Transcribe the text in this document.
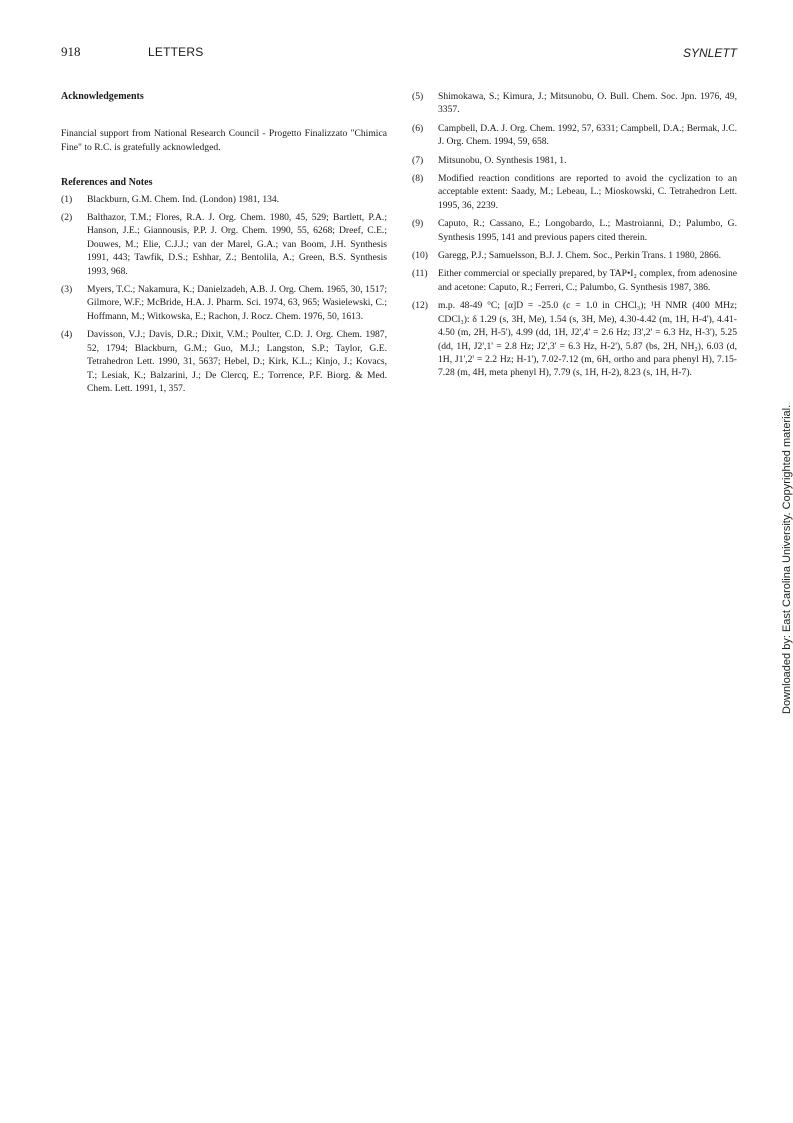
918	LETTERS	SYNLETT
Acknowledgements

Financial support from National Research Council - Progetto Finalizzato "Chimica Fine" to R.C. is gratefully acknowledged.

References and Notes
(1)	Blackburn, G.M. Chem. Ind. (London) 1981, 134.
(2)	Balthazor, T.M.; Flores, R.A. J. Org. Chem. 1980, 45, 529; Bartlett, P.A.; Hanson, J.E.; Giannousis, P.P. J. Org. Chem. 1990, 55, 6268; Dreef, C.E.; Douwes, M.; Elie, C.J.J.; van der Marel, G.A.; van Boom, J.H. Synthesis 1991, 443; Tawfik, D.S.; Eshhar, Z.; Bentolila, A.; Green, B.S. Synthesis 1993, 968.
(3)	Myers, T.C.; Nakamura, K.; Danielzadeh, A.B. J. Org. Chem. 1965, 30, 1517; Gilmore, W.F.; McBride, H.A. J. Pharm. Sci. 1974, 63, 965; Wasielewski, C.; Hoffmann, M.; Witkowska, E.; Rachon, J. Rocz. Chem. 1976, 50, 1613.
(4)	Davisson, V.J.; Davis, D.R.; Dixit, V.M.; Poulter, C.D. J. Org. Chem. 1987, 52, 1794; Blackburn, G.M.; Guo, M.J.; Langston, S.P.; Taylor, G.E. Tetrahedron Lett. 1990, 31, 5637; Hebel, D.; Kirk, K.L.; Kinjo, J.; Kovacs, T.; Lesiak, K.; Balzarini, J.; De Clercq, E.; Torrence, P.F. Biorg. & Med. Chem. Lett. 1991, 1, 357.
(5)	Shimokawa, S.; Kimura, J.; Mitsunobu, O. Bull. Chem. Soc. Jpn. 1976, 49, 3357.
(6)	Campbell, D.A. J. Org. Chem. 1992, 57, 6331; Campbell, D.A.; Bermak, J.C. J. Org. Chem. 1994, 59, 658.
(7)	Mitsunobu, O. Synthesis 1981, 1.
(8)	Modified reaction conditions are reported to avoid the cyclization to an acceptable extent: Saady, M.; Lebeau, L.; Mioskowski, C. Tetrahedron Lett. 1995, 36, 2239.
(9)	Caputo, R.; Cassano, E.; Longobardo, L.; Mastroianni, D.; Palumbo, G. Synthesis 1995, 141 and previous papers cited therein.
(10)	Garegg, P.J.; Samuelsson, B.J. J. Chem. Soc., Perkin Trans. 1 1980, 2866.
(11)	Either commercial or specially prepared, by TAP•I₂ complex, from adenosine and acetone: Caputo, R.; Ferreri, C.; Palumbo, G. Synthesis 1987, 386.
(12)	m.p. 48-49 °C; [α]D = -25.0 (c = 1.0 in CHCl₃); ¹H NMR (400 MHz; CDCl₃): δ 1.29 (s, 3H, Me), 1.54 (s, 3H, Me), 4.30-4.42 (m, 1H, H-4'), 4.41-4.50 (m, 2H, H-5'), 4.99 (dd, 1H, J2',4' = 2.6 Hz; J3',2' = 6.3 Hz, H-3'), 5.25 (dd, 1H, J2',1' = 2.8 Hz; J2',3' = 6.3 Hz, H-2'), 5.87 (bs, 2H, NH₂), 6.03 (d, 1H, J1',2' = 2.2 Hz; H-1'), 7.02-7.12 (m, 6H, ortho and para phenyl H), 7.15-7.28 (m, 4H, meta phenyl H), 7.79 (s, 1H, H-2), 8.23 (s, 1H, H-7).
Downloaded by: East Carolina University. Copyrighted material.
